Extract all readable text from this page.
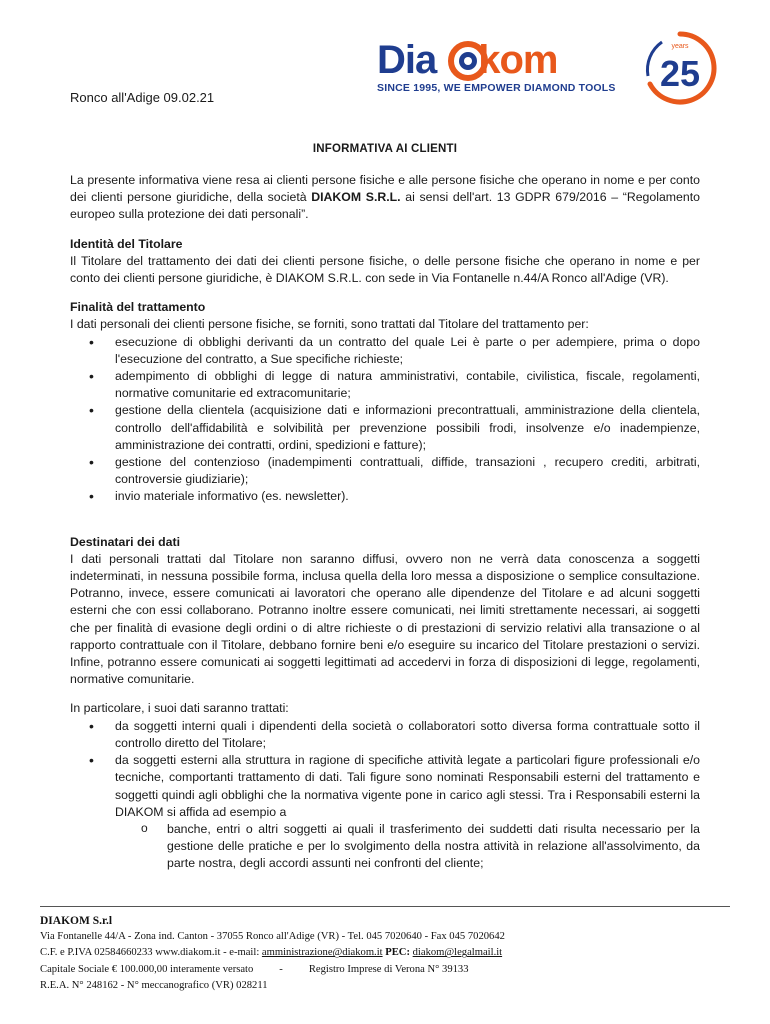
Dia kom
SINCE 1995, WE EMPOWER DIAMOND TOOLS
years
25
Ronco all'Adige 09.02.21
INFORMATIVA AI CLIENTI

La presente informativa viene resa ai clienti persone fisiche e alle persone fisiche che operano in nome e per conto dei clienti persone giuridiche, della società DIAKOM S.R.L. ai sensi dell'art. 13 GDPR 679/2016 – “Regolamento europeo sulla protezione dei dati personali”.

Identità del Titolare

Il Titolare del trattamento dei dati dei clienti persone fisiche, o delle persone fisiche che operano in nome e per conto dei clienti persone giuridiche, è DIAKOM S.R.L. con sede in Via Fontanelle n.44/A Ronco all'Adige (VR).

Finalità del trattamento

I dati personali dei clienti persone fisiche, se forniti, sono trattati dal Titolare del trattamento per:

• esecuzione di obblighi derivanti da un contratto del quale Lei è parte o per adempiere, prima o dopo l'esecuzione del contratto, a Sue specifiche richieste;
• adempimento di obblighi di legge di natura amministrativi, contabile, civilistica, fiscale, regolamenti, normative comunitarie ed extracomunitarie;
• gestione della clientela (acquisizione dati e informazioni precontrattuali, amministrazione della clientela, controllo dell'affidabilità e solvibilità per prevenzione possibili frodi, insolvenze e/o inadempienze, amministrazione dei contratti, ordini, spedizioni e fatture);
• gestione del contenzioso (inadempimenti contrattuali, diffide, transazioni , recupero crediti, arbitrati, controversie giudiziarie);
• invio materiale informativo (es. newsletter).

Destinatari dei dati

I dati personali trattati dal Titolare non saranno diffusi, ovvero non ne verrà data conoscenza a soggetti indeterminati, in nessuna possibile forma, inclusa quella della loro messa a disposizione o semplice consultazione. Potranno, invece, essere comunicati ai lavoratori che operano alle dipendenze del Titolare e ad alcuni soggetti esterni che con essi collaborano. Potranno inoltre essere comunicati, nei limiti strettamente necessari, ai soggetti che per finalità di evasione degli ordini o di altre richieste o di prestazioni di servizio relativi alla transazione o al rapporto contrattuale con il Titolare, debbano fornire beni e/o eseguire su incarico del Titolare prestazioni o servizi. Infine, potranno essere comunicati ai soggetti legittimati ad accedervi in forza di disposizioni di legge, regolamenti, normative comunitarie.

In particolare, i suoi dati saranno trattati:

• da soggetti interni quali i dipendenti della società o collaboratori sotto diversa forma contrattuale sotto il controllo diretto del Titolare;
• da soggetti esterni alla struttura in ragione di specifiche attività legate a particolari figure professionali e/o tecniche, comportanti trattamento di dati. Tali figure sono nominati Responsabili esterni del trattamento e soggetti quindi agli obblighi che la normativa vigente pone in carico agli stessi. Tra i Responsabili esterni la DIAKOM si affida ad esempio a
o banche, entri o altri soggetti ai quali il trasferimento dei suddetti dati risulta necessario per la gestione delle pratiche e per lo svolgimento della nostra attività in relazione all'assolvimento, da parte nostra, degli accordi assunti nei confronti del cliente;
DIAKOM S.r.l
Via Fontanelle 44/A - Zona ind. Canton - 37055 Ronco all'Adige (VR) - Tel. 045 7020640 - Fax 045 7020642
C.F. e P.IVA 02584660233 www.diakom.it - e-mail: amministrazione@diakom.it PEC: diakom@legalmail.it
Capitale Sociale € 100.000,00 interamente versato - Registro Imprese di Verona N° 39133
R.E.A. N° 248162 - N° meccanografico (VR) 028211
